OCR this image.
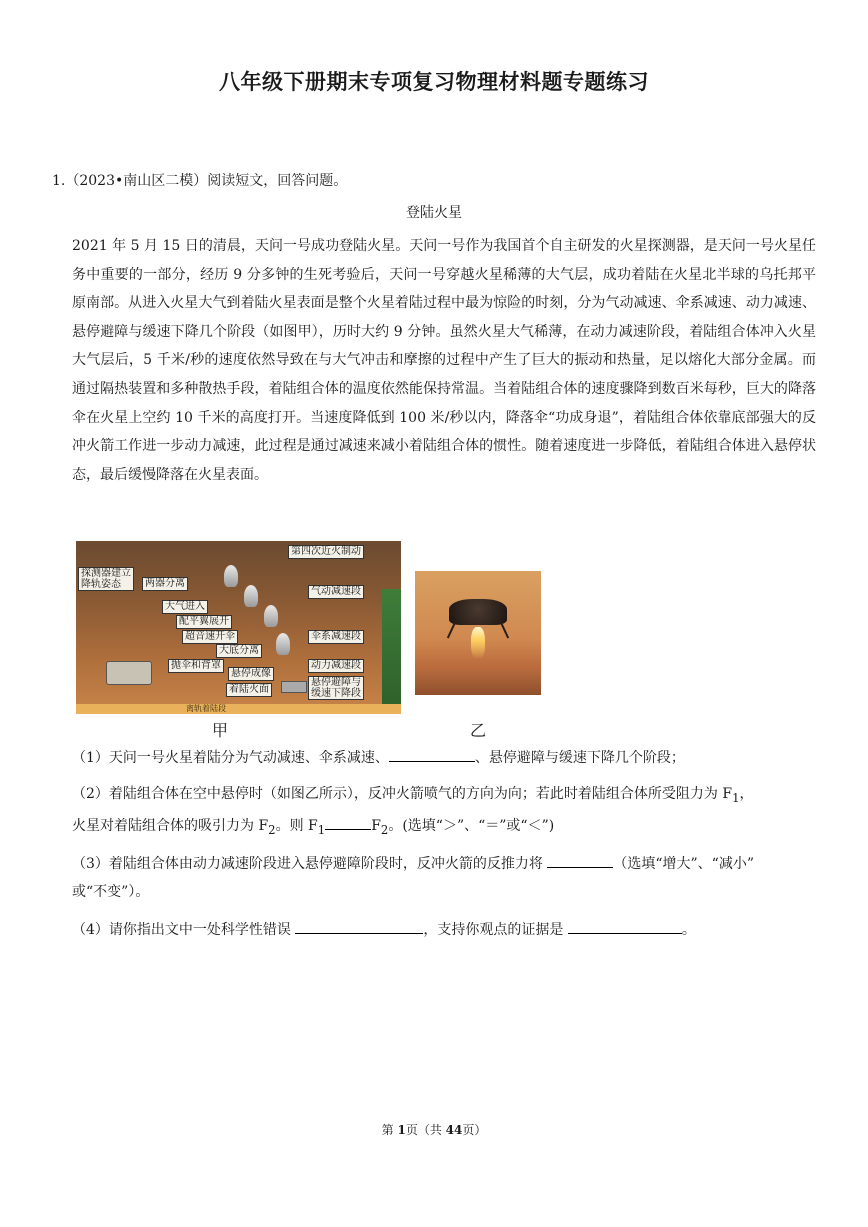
八年级下册期末专项复习物理材料题专题练习
1.（2023•南山区二模）阅读短文，回答问题。
登陆火星

2021 年 5 月 15 日的清晨，天问一号成功登陆火星。天问一号作为我国首个自主研发的火星探测器，是天问一号火星任务中重要的一部分，经历 9 分多钟的生死考验后，天问一号穿越火星稀薄的大气层，成功着陆在火星北半球的乌托邦平原南部。从进入火星大气到着陆火星表面是整个火星着陆过程中最为惊险的时刻，分为气动减速、伞系减速、动力减速、悬停避障与缓速下降几个阶段（如图甲），历时大约 9 分钟。虽然火星大气稀薄，在动力减速阶段，着陆组合体冲入火星大气层后，5 千米/秒的速度依然导致在与大气冲击和摩擦的过程中产生了巨大的振动和热量，足以熔化大部分金属。而通过隔热装置和多种散热手段，着陆组合体的温度依然能保持常温。当着陆组合体的速度骤降到数百米每秒，巨大的降落伞在火星上空约 10 千米的高度打开。当速度降低到 100 米/秒以内，降落伞“功成身退”，着陆组合体依靠底部强大的反冲火箭工作进一步动力减速，此过程是通过减速来减小着陆组合体的惯性。随着速度进一步降低，着陆组合体进入悬停状态，最后缓慢降落在火星表面。

第四次近火制动
探测器建立
降轨姿态	两器分离
气动减速段
大气进入
配平翼展开
超音速开伞	伞系减速段
大底分离
抛伞和背罩
悬停成像
动力减速段
着陆火面
悬停避障与
缓速下降段
离轨着陆段
甲	乙
（1）天问一号火星着陆分为气动减速、伞系减速、	、悬停避障与缓速下降几个阶段；
（2）着陆组合体在空中悬停时（如图乙所示），反冲火箭喷气的方向为向；若此时着陆组合体所受阻力为 $F_1$，
火星对着陆组合体的吸引力为 $F_2$。则 $F_1$	$F_2$。(选填“＞”、“＝”或“＜”)
（3）着陆组合体由动力减速阶段进入悬停避障阶段时，反冲火箭的反推力将	（选填“增大”、“减小”
或“不变”）。
（4）请你指出文中一处科学性错误	，支持你观点的证据是	。
第 1页（共 44页）
